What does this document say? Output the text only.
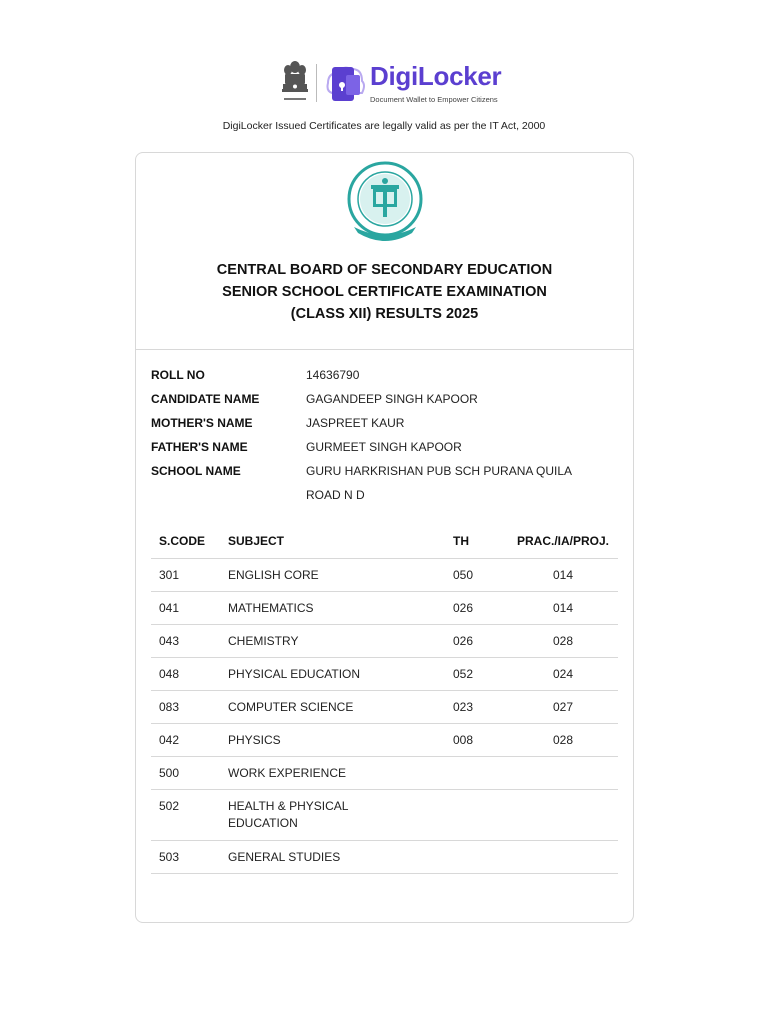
DigiLocker
Document Wallet to Empower Citizens
DigiLocker Issued Certificates are legally valid as per the IT Act, 2000
CENTRAL BOARD OF SECONDARY EDUCATION
SENIOR SCHOOL CERTIFICATE EXAMINATION
(CLASS XII) RESULTS 2025
ROLL NO	14636790
CANDIDATE NAME	GAGANDEEP SINGH KAPOOR
MOTHER'S NAME	JASPREET KAUR
FATHER'S NAME	GURMEET SINGH KAPOOR
SCHOOL NAME	GURU HARKRISHAN PUB SCH PURANA QUILA ROAD N D
S.CODE	SUBJECT	TH	PRAC./IA/PROJ.
301	ENGLISH CORE	050	014
041	MATHEMATICS	026	014
043	CHEMISTRY	026	028
048	PHYSICAL EDUCATION	052	024
083	COMPUTER SCIENCE	023	027
042	PHYSICS	008	028
500	WORK EXPERIENCE		
502	HEALTH & PHYSICAL EDUCATION		

503	GENERAL STUDIES		
